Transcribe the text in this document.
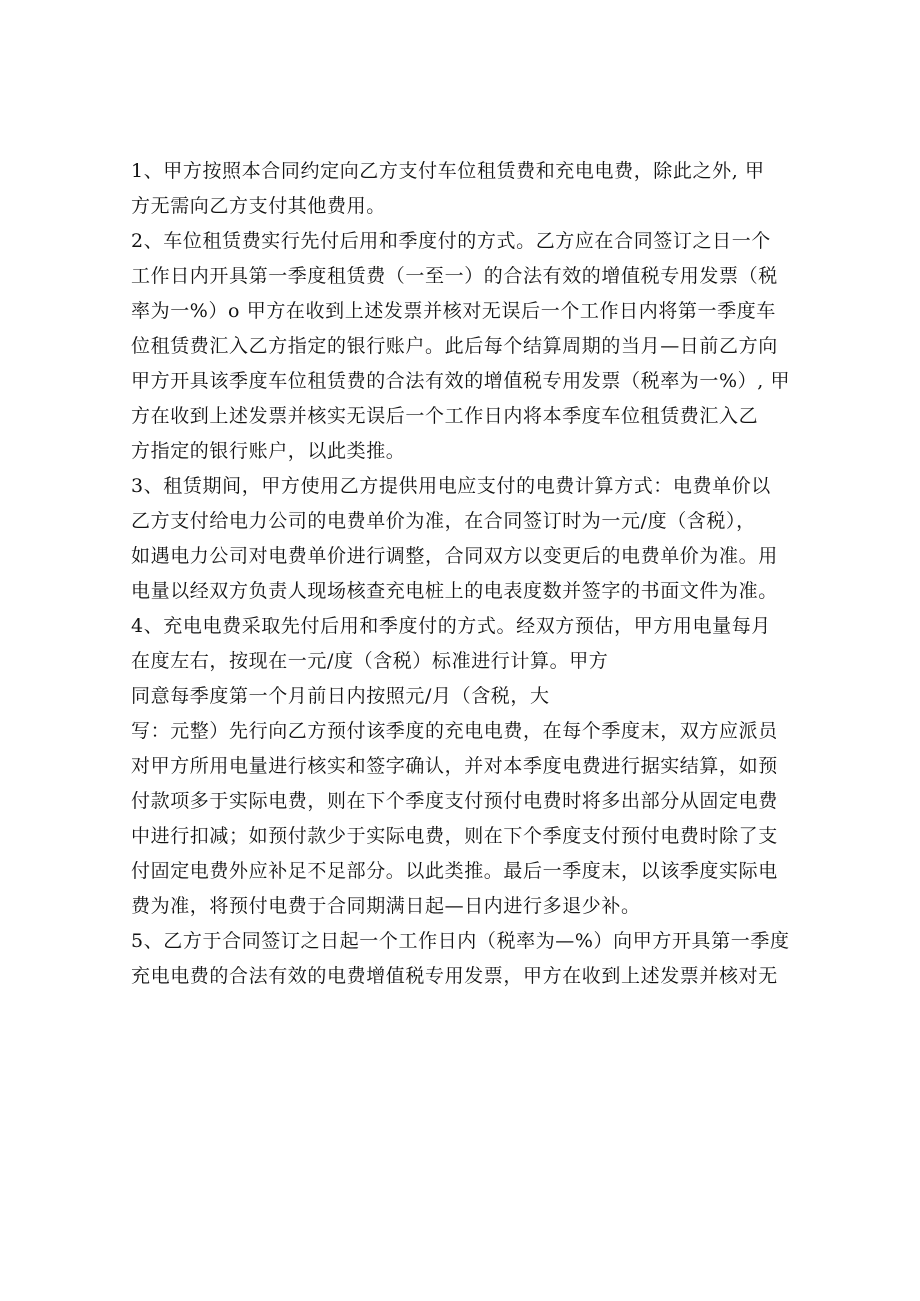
1、甲方按照本合同约定向乙方支付车位租赁费和充电电费，除此之外, 甲
方无需向乙方支付其他费用。
2、车位租赁费实行先付后用和季度付的方式。乙方应在合同签订之日一个
工作日内开具第一季度租赁费（一至一）的合法有效的增值税专用发票（税
率为一%）o 甲方在收到上述发票并核对无误后一个工作日内将第一季度车
位租赁费汇入乙方指定的银行账户。此后每个结算周期的当月—日前乙方向
甲方开具该季度车位租赁费的合法有效的增值税专用发票（税率为一%）, 甲
方在收到上述发票并核实无误后一个工作日内将本季度车位租赁费汇入乙
方指定的银行账户，以此类推。
3、租赁期间，甲方使用乙方提供用电应支付的电费计算方式：电费单价以
乙方支付给电力公司的电费单价为准，在合同签订时为一元/度（含税），
如遇电力公司对电费单价进行调整，合同双方以变更后的电费单价为准。用
电量以经双方负责人现场核查充电桩上的电表度数并签字的书面文件为准。
4、充电电费采取先付后用和季度付的方式。经双方预估，甲方用电量每月
在度左右，按现在一元/度（含税）标准进行计算。甲方
同意每季度第一个月前日内按照元/月（含税，大
写：元整）先行向乙方预付该季度的充电电费，在每个季度末，双方应派员
对甲方所用电量进行核实和签字确认，并对本季度电费进行据实结算，如预
付款项多于实际电费，则在下个季度支付预付电费时将多出部分从固定电费
中进行扣减；如预付款少于实际电费，则在下个季度支付预付电费时除了支
付固定电费外应补足不足部分。以此类推。最后一季度末，以该季度实际电
费为准，将预付电费于合同期满日起—日内进行多退少补。
5、乙方于合同签订之日起一个工作日内（税率为—%）向甲方开具第一季度
充电电费的合法有效的电费增值税专用发票，甲方在收到上述发票并核对无
